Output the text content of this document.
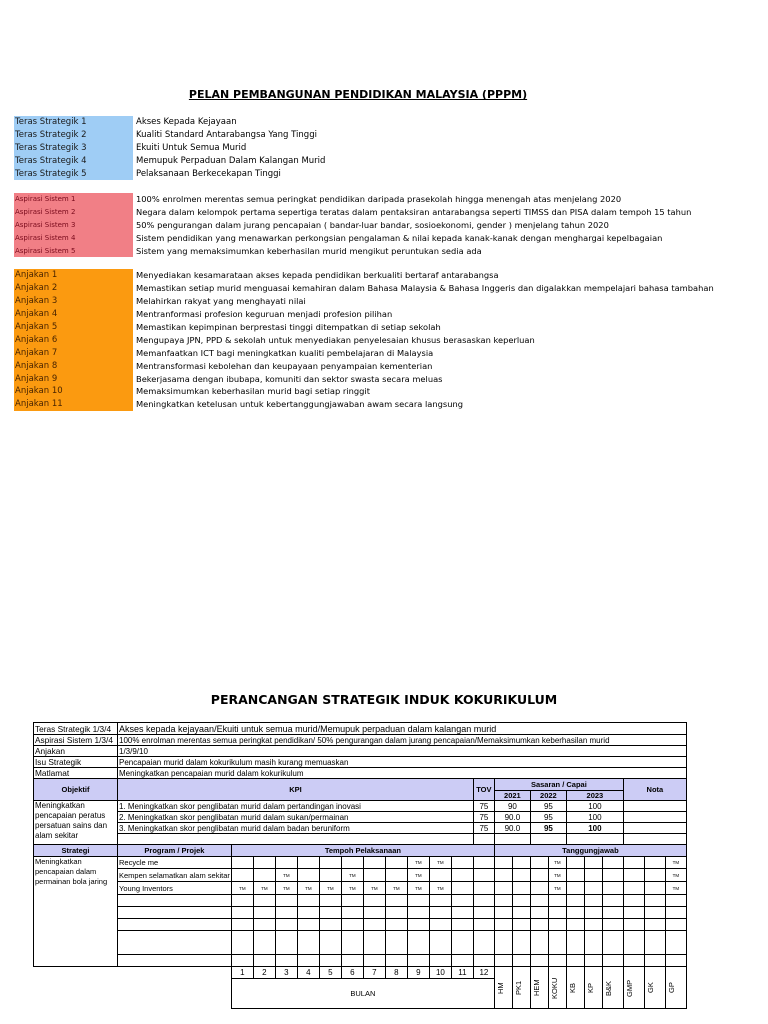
PELAN PEMBANGUNAN PENDIDIKAN MALAYSIA (PPPM)
Teras Strategik 1	Akses Kepada Kejayaan
Teras Strategik 2	Kualiti Standard Antarabangsa Yang Tinggi
Teras Strategik 3	Ekuiti Untuk Semua Murid
Teras Strategik 4	Memupuk Perpaduan Dalam Kalangan Murid
Teras Strategik 5	Pelaksanaan Berkecekapan Tinggi
Aspirasi Sistem 1	100% enrolmen merentas semua peringkat pendidikan daripada prasekolah hingga menengah atas menjelang 2020
Aspirasi Sistem 2	Negara dalam kelompok pertama sepertiga teratas dalam pentaksiran antarabangsa seperti TIMSS dan PISA dalam tempoh 15 tahun
Aspirasi Sistem 3	50% pengurangan dalam jurang pencapaian ( bandar-luar bandar, sosioekonomi, gender ) menjelang tahun 2020
Aspirasi Sistem 4	Sistem pendidikan yang menawarkan perkongsian pengalaman & nilai kepada kanak-kanak dengan menghargai kepelbagaian
Aspirasi Sistem 5	Sistem yang memaksimumkan keberhasilan murid mengikut peruntukan sedia ada
Anjakan 1	Menyediakan kesamarataan akses kepada pendidikan berkualiti bertaraf antarabangsa
Anjakan 2	Memastikan setiap murid menguasai kemahiran dalam Bahasa Malaysia & Bahasa Inggeris dan digalakkan mempelajari bahasa tambahan
Anjakan 3	Melahirkan rakyat yang menghayati nilai
Anjakan 4	Mentranformasi profesion keguruan menjadi profesion pilihan
Anjakan 5	Memastikan kepimpinan berprestasi tinggi ditempatkan di setiap sekolah
Anjakan 6	Mengupaya JPN, PPD & sekolah untuk menyediakan penyelesaian khusus berasaskan keperluan
Anjakan 7	Memanfaatkan ICT bagi meningkatkan kualiti pembelajaran di Malaysia
Anjakan 8	Mentransformasi kebolehan dan keupayaan penyampaian kementerian
Anjakan 9	Bekerjasama dengan ibubapa, komuniti dan sektor swasta secara meluas
Anjakan 10	Memaksimumkan keberhasilan murid bagi setiap ringgit
Anjakan 11	Meningkatkan ketelusan untuk kebertanggungjawaban awam secara langsung
PERANCANGAN STRATEGIK INDUK KOKURIKULUM
Teras Strategik 1/3/4	Akses kepada kejayaan/Ekuiti untuk semua murid/Memupuk perpaduan dalam kalangan murid																						
Aspirasi Sistem 1/3/4	100% enrolman merentas semua peringkat pendidikan/ 50% pengurangan dalam jurang pencapaian/Memaksimumkan keberhasilan murid																						
Anjakan	1/3/9/10																						
Isu Strategik	Pencapaian murid dalam kokurikulum masih kurang memuaskan																						
Matlamat	Meningkatkan pencapaian murid dalam kokurikulum																						
Objektif	KPI												TOV	Sasaran / Capai							Nota		
														2021		2022		2023					
Meningkatkan pencapaian peratus persatuan sains dan alam sekitar	1. Meningkatkan skor penglibatan murid dalam pertandingan inovasi												75	90		95		100					
	2. Meningkatkan skor penglibatan murid dalam sukan/permainan												75	90.0		95		100					
	3. Meningkatkan skor penglibatan murid dalam badan beruniform												75	90.0		95		100					

Strategi	Program / Projek	Tempoh Pelaksanaan												Tanggungjawab									
Meningkatkan pencapaian dalam permainan bola jaring	Recycle me									TM	TM						TM						TM
	Kempen selamatkan alam sekitar			TM			TM			TM							TM						TM
	Young Inventors	TM	TM	TM	TM	TM	TM	TM	TM	TM	TM						TM						TM

		1	2	3	4	5	6	7	8	9	10	11	12	HM	PK1	HEM	KOKU	KB	KP	B&K	GMP	GK	GP

		BULAN																					
